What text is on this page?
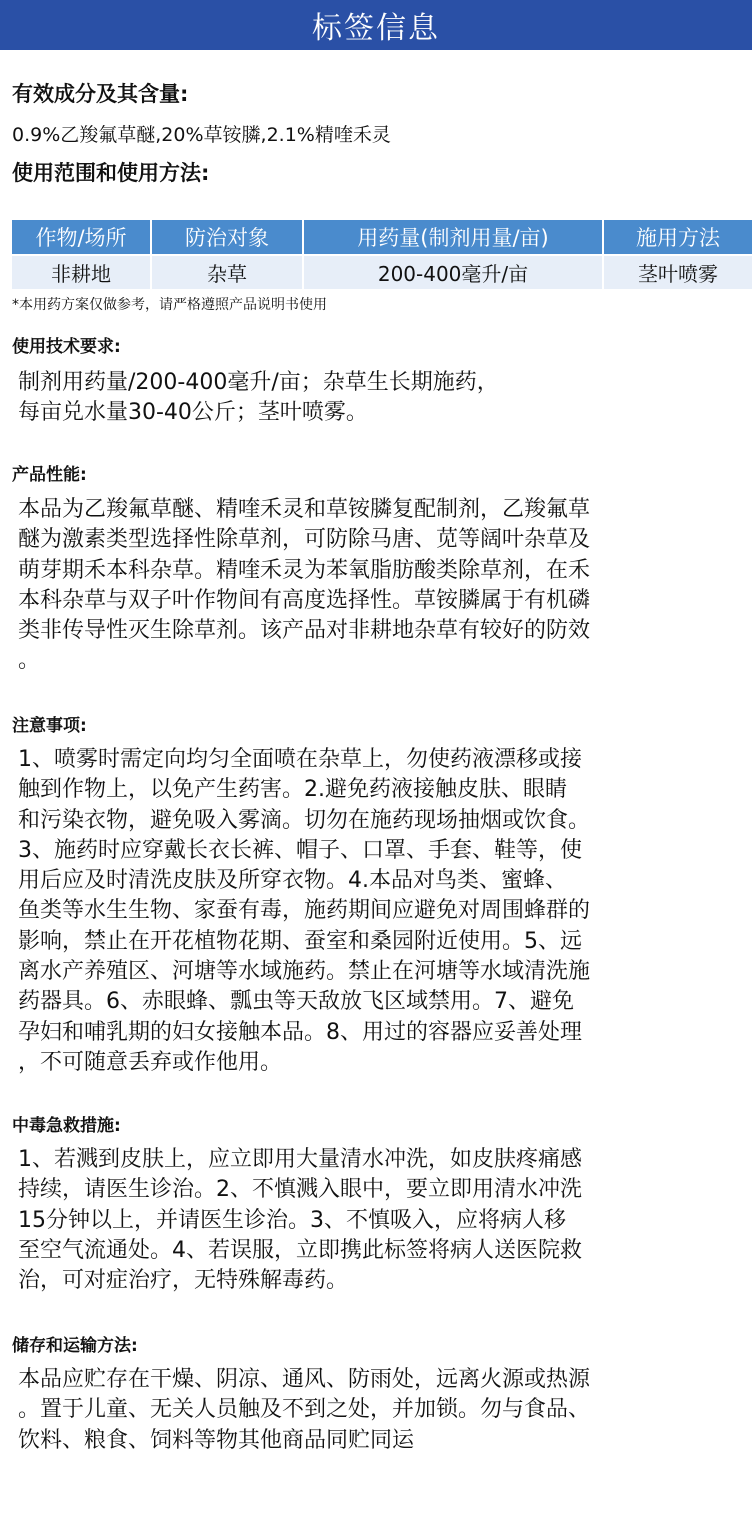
标签信息
有效成分及其含量:
0.9%乙羧氟草醚,20%草铵膦,2.1%精喹禾灵
使用范围和使用方法:
作物/场所	防治对象	用药量(制剂用量/亩)	施用方法
非耕地	杂草	200-400毫升/亩	茎叶喷雾
*本用药方案仅做参考，请严格遵照产品说明书使用
使用技术要求:
制剂用药量/200-400毫升/亩；杂草生长期施药，
每亩兑水量30-40公斤；茎叶喷雾。
产品性能:
本品为乙羧氟草醚、精喹禾灵和草铵膦复配制剂，乙羧氟草
醚为激素类型选择性除草剂，可防除马唐、苋等阔叶杂草及
萌芽期禾本科杂草。精喹禾灵为苯氧脂肪酸类除草剂，在禾
本科杂草与双子叶作物间有高度选择性。草铵膦属于有机磷
类非传导性灭生除草剂。该产品对非耕地杂草有较好的防效
。
注意事项:
1、喷雾时需定向均匀全面喷在杂草上，勿使药液漂移或接
触到作物上，以免产生药害。2.避免药液接触皮肤、眼睛
和污染衣物，避免吸入雾滴。切勿在施药现场抽烟或饮食。
3、施药时应穿戴长衣长裤、帽子、口罩、手套、鞋等，使
用后应及时清洗皮肤及所穿衣物。4.本品对鸟类、蜜蜂、
鱼类等水生生物、家蚕有毒，施药期间应避免对周围蜂群的
影响，禁止在开花植物花期、蚕室和桑园附近使用。5、远
离水产养殖区、河塘等水域施药。禁止在河塘等水域清洗施
药器具。6、赤眼蜂、瓢虫等天敌放飞区域禁用。7、避免
孕妇和哺乳期的妇女接触本品。8、用过的容器应妥善处理
，不可随意丢弃或作他用。
中毒急救措施:
1、若溅到皮肤上，应立即用大量清水冲洗，如皮肤疼痛感
持续，请医生诊治。2、不慎溅入眼中，要立即用清水冲洗
15分钟以上，并请医生诊治。3、不慎吸入，应将病人移
至空气流通处。4、若误服，立即携此标签将病人送医院救
治，可对症治疗，无特殊解毒药。
储存和运输方法:
本品应贮存在干燥、阴凉、通风、防雨处，远离火源或热源
。置于儿童、无关人员触及不到之处，并加锁。勿与食品、
饮料、粮食、饲料等物其他商品同贮同运
